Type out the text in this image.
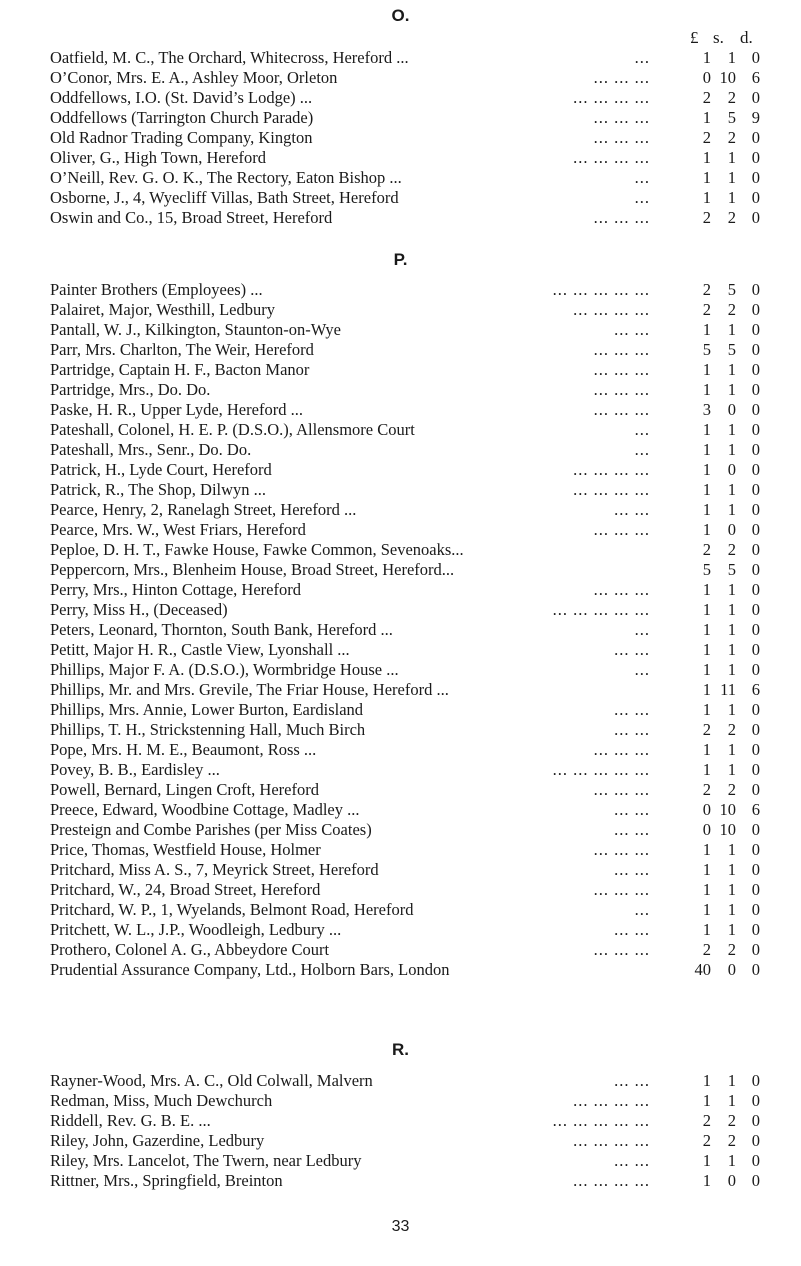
O.
£ s. d.
Oatfield, M. C., The Orchard, Whitecross, Hereford ...	...	1	1 0
O’Conor, Mrs. E. A., Ashley Moor, Orleton	... ... ...	0 10 6
Oddfellows, I.O. (St. David’s Lodge) ...	... ... ... ...	2	2 0
Oddfellows (Tarrington Church Parade)	... ... ...	1	5 9
Old Radnor Trading Company, Kington	... ... ...	2	2 0
Oliver, G., High Town, Hereford	... ... ... ...	1	1 0
O’Neill, Rev. G. O. K., The Rectory, Eaton Bishop ...	...	1	1 0
Osborne, J., 4, Wyecliff Villas, Bath Street, Hereford	...	1	1 0
Oswin and Co., 15, Broad Street, Hereford	... ... ...	2	2 0
P.
Painter Brothers (Employees) ...	... ... ... ... ...	2	5 0
Palairet, Major, Westhill, Ledbury	... ... ... ...	2	2 0
Pantall, W. J., Kilkington, Staunton-on-Wye	... ...	1	1 0
Parr, Mrs. Charlton, The Weir, Hereford	... ... ...	5	5 0
Partridge, Captain H. F., Bacton Manor	... ... ...	1	1 0
Partridge, Mrs., Do. Do.	... ... ...	1	1 0
Paske, H. R., Upper Lyde, Hereford ...	... ... ...	3	0 0
Pateshall, Colonel, H. E. P. (D.S.O.), Allensmore Court	...	1	1 0
Pateshall, Mrs., Senr., Do. Do.	...	1	1 0
Patrick, H., Lyde Court, Hereford	... ... ... ...	1	0 0
Patrick, R., The Shop, Dilwyn ...	... ... ... ...	1	1 0
Pearce, Henry, 2, Ranelagh Street, Hereford ...	... ...	1	1 0
Pearce, Mrs. W., West Friars, Hereford	... ... ...	1	0 0
Peploe, D. H. T., Fawke House, Fawke Common, Sevenoaks...	2	2 0
Peppercorn, Mrs., Blenheim House, Broad Street, Hereford...	5	5 0
Perry, Mrs., Hinton Cottage, Hereford	... ... ...	1	1 0
Perry, Miss H., (Deceased)	... ... ... ... ...	1	1 0
Peters, Leonard, Thornton, South Bank, Hereford ...	...	1	1 0
Petitt, Major H. R., Castle View, Lyonshall ...	... ...	1	1 0
Phillips, Major F. A. (D.S.O.), Wormbridge House ...	...	1	1 0
Phillips, Mr. and Mrs. Grevile, The Friar House, Hereford ...	1 11 6
Phillips, Mrs. Annie, Lower Burton, Eardisland	... ...	1	1 0
Phillips, T. H., Strickstenning Hall, Much Birch	... ...	2	2 0
Pope, Mrs. H. M. E., Beaumont, Ross ...	... ... ...	1	1 0
Povey, B. B., Eardisley ...	... ... ... ... ...	1	1 0
Powell, Bernard, Lingen Croft, Hereford	... ... ...	2	2 0
Preece, Edward, Woodbine Cottage, Madley ...	... ...	0 10 6
Presteign and Combe Parishes (per Miss Coates)	... ...	0 10 0
Price, Thomas, Westfield House, Holmer	... ... ...	1	1 0
Pritchard, Miss A. S., 7, Meyrick Street, Hereford	... ...	1	1 0
Pritchard, W., 24, Broad Street, Hereford	... ... ...	1	1 0
Pritchard, W. P., 1, Wyelands, Belmont Road, Hereford	...	1	1 0
Pritchett, W. L., J.P., Woodleigh, Ledbury ...	... ...	1	1 0
Prothero, Colonel A. G., Abbeydore Court	... ... ...	2	2 0
Prudential Assurance Company, Ltd., Holborn Bars, London	40	0 0
R.
Rayner-Wood, Mrs. A. C., Old Colwall, Malvern	... ...	1	1 0
Redman, Miss, Much Dewchurch	... ... ... ...	1	1 0
Riddell, Rev. G. B. E. ...	... ... ... ... ...	2	2 0
Riley, John, Gazerdine, Ledbury	... ... ... ...	2	2 0
Riley, Mrs. Lancelot, The Twern, near Ledbury	... ...	1	1 0
Rittner, Mrs., Springfield, Breinton	... ... ... ...	1	0 0
33
